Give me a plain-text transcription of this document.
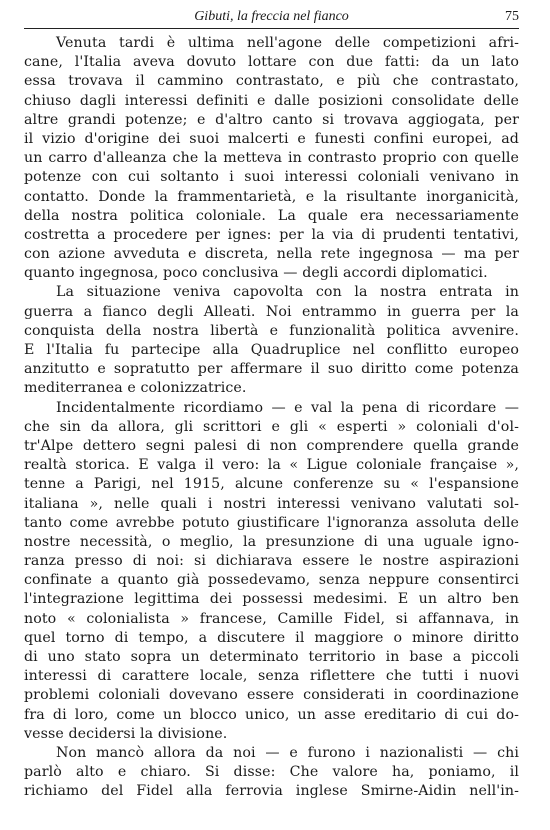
Gibuti, la freccia nel fianco	75
Venuta tardi è ultima nell'agone delle competizioni afri-
cane, l'Italia aveva dovuto lottare con due fatti: da un lato
essa trovava il cammino contrastato, e più che contrastato,
chiuso dagli interessi definiti e dalle posizioni consolidate delle
altre grandi potenze; e d'altro canto si trovava aggiogata, per
il vizio d'origine dei suoi malcerti e funesti confini europei, ad
un carro d'alleanza che la metteva in contrasto proprio con quelle
potenze con cui soltanto i suoi interessi coloniali venivano in
contatto. Donde la frammentarietà, e la risultante inorganicità,
della nostra politica coloniale. La quale era necessariamente
costretta a procedere per ignes: per la via di prudenti tentativi,
con azione avveduta e discreta, nella rete ingegnosa — ma per
quanto ingegnosa, poco conclusiva — degli accordi diplomatici.
La situazione veniva capovolta con la nostra entrata in
guerra a fianco degli Alleati. Noi entrammo in guerra per la
conquista della nostra libertà e funzionalità politica avvenire.
E l'Italia fu partecipe alla Quadruplice nel conflitto europeo
anzitutto e sopratutto per affermare il suo diritto come potenza
mediterranea e colonizzatrice.
Incidentalmente ricordiamo — e val la pena di ricordare —
che sin da allora, gli scrittori e gli « esperti » coloniali d'ol-
tr'Alpe dettero segni palesi di non comprendere quella grande
realtà storica. E valga il vero: la « Ligue coloniale française »,
tenne a Parigi, nel 1915, alcune conferenze su « l'espansione
italiana », nelle quali i nostri interessi venivano valutati sol-
tanto come avrebbe potuto giustificare l'ignoranza assoluta delle
nostre necessità, o meglio, la presunzione di una uguale igno-
ranza presso di noi: si dichiarava essere le nostre aspirazioni
confinate a quanto già possedevamo, senza neppure consentirci
l'integrazione legittima dei possessi medesimi. E un altro ben
noto « colonialista » francese, Camille Fidel, si affannava, in
quel torno di tempo, a discutere il maggiore o minore diritto
di uno stato sopra un determinato territorio in base a piccoli
interessi di carattere locale, senza riflettere che tutti i nuovi
problemi coloniali dovevano essere considerati in coordinazione
fra di loro, come un blocco unico, un asse ereditario di cui do-
vesse decidersi la divisione.
Non mancò allora da noi — e furono i nazionalisti — chi
parlò alto e chiaro. Si disse: Che valore ha, poniamo, il
richiamo del Fidel alla ferrovia inglese Smirne-Aidin nell'in-
